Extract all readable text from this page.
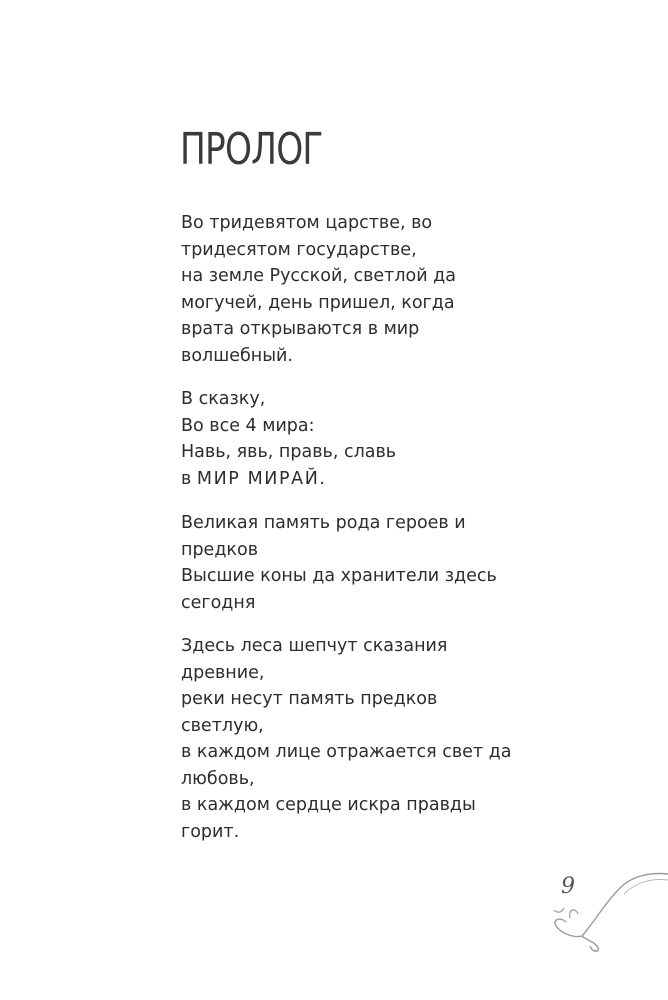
ПРОЛОГ
Во тридевятом царстве, во
тридесятом государстве,
на земле Русской, светлой да
могучей, день пришел, когда
врата открываются в мир
волшебный.
В сказку,
Во все 4 мира:
Навь, явь, правь, славь
в МИР МИРАЙ.
Великая память рода героев и
предков
Высшие коны да хранители здесь
сегодня
Здесь леса шепчут сказания
древние,
реки несут память предков
светлую,
в каждом лице отражается свет да
любовь,
в каждом сердце искра правды
горит.
9
